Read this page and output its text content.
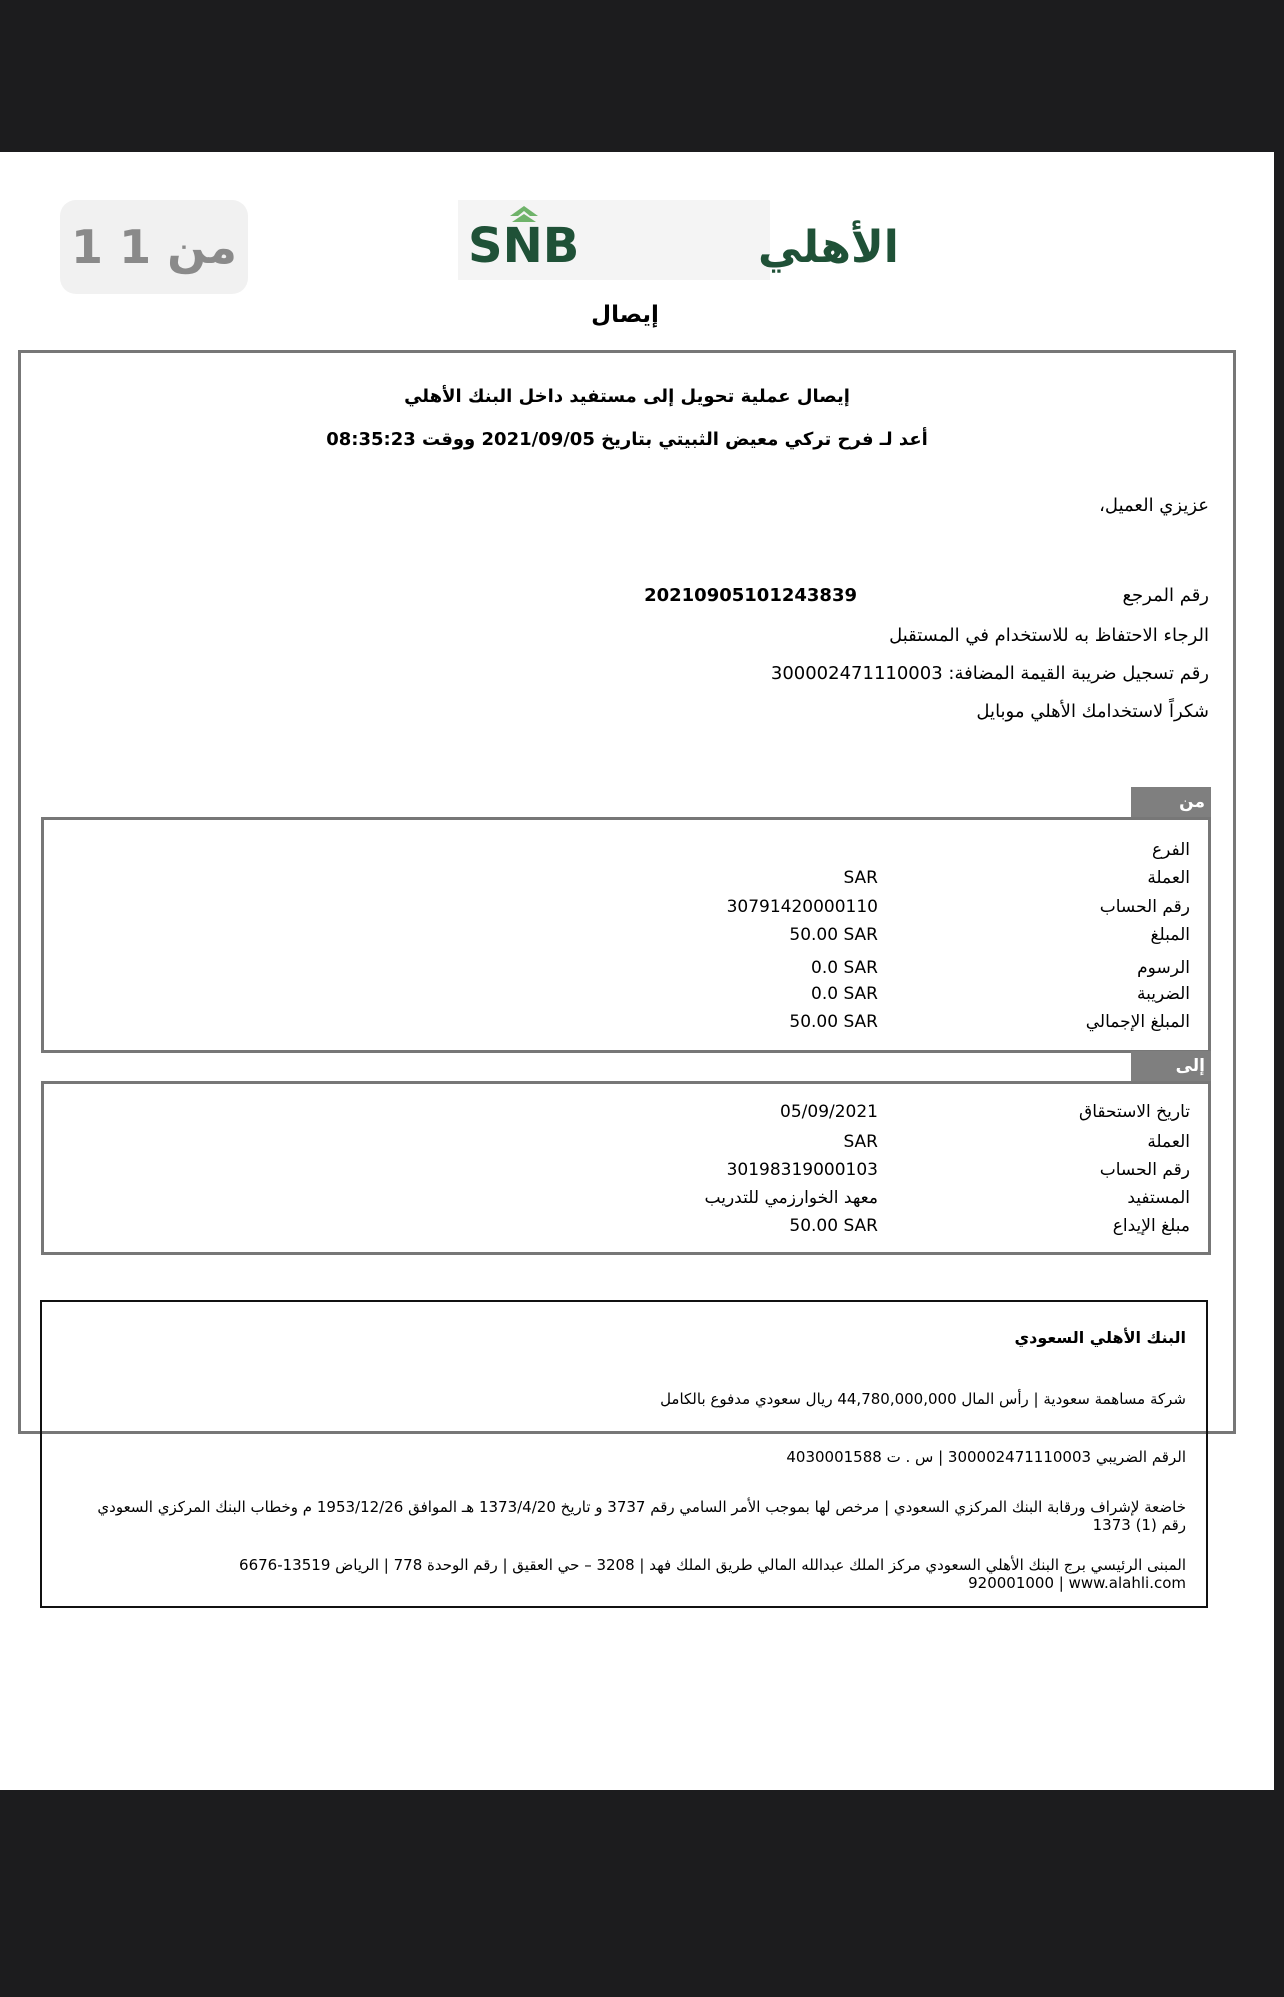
1 من 1	SNB	الأهلي
إيصال
إيصال عملية تحويل إلى مستفيد داخل البنك الأهلي
أعد لـ فرح تركي معيض الثبيتي بتاريخ 2021/09/05 ووقت 08:35:23
عزيزي العميل،
رقم المرجع
20210905101243839
الرجاء الاحتفاظ به للاستخدام في المستقبل
رقم تسجيل ضريبة القيمة المضافة: 300002471110003
شكراً لاستخدامك الأهلي موبايل
من
الفرع
العملة
SAR
رقم الحساب
30791420000110
المبلغ
50.00 SAR
الرسوم
0.0 SAR
الضريبة
0.0 SAR
المبلغ الإجمالي
50.00 SAR
إلى
تاريخ الاستحقاق
05/09/2021
العملة
SAR
رقم الحساب
30198319000103
المستفيد
معهد الخوارزمي للتدريب
مبلغ الإيداع
50.00 SAR
البنك الأهلي السعودي
شركة مساهمة سعودية | رأس المال 44,780,000,000 ريال سعودي مدفوع بالكامل
الرقم الضريبي 300002471110003 | س . ت 4030001588
خاضعة لإشراف ورقابة البنك المركزي السعودي | مرخص لها بموجب الأمر السامي رقم 3737 و تاريخ 1373/4/20 هـ الموافق 1953/12/26 م وخطاب البنك المركزي السعودي
رقم (1) 1373
المبنى الرئيسي برج البنك الأهلي السعودي مركز الملك عبدالله المالي طريق الملك فهد | 3208 – حي العقيق | رقم الوحدة 778 | الرياض 13519-6676
920001000 | www.alahli.com
